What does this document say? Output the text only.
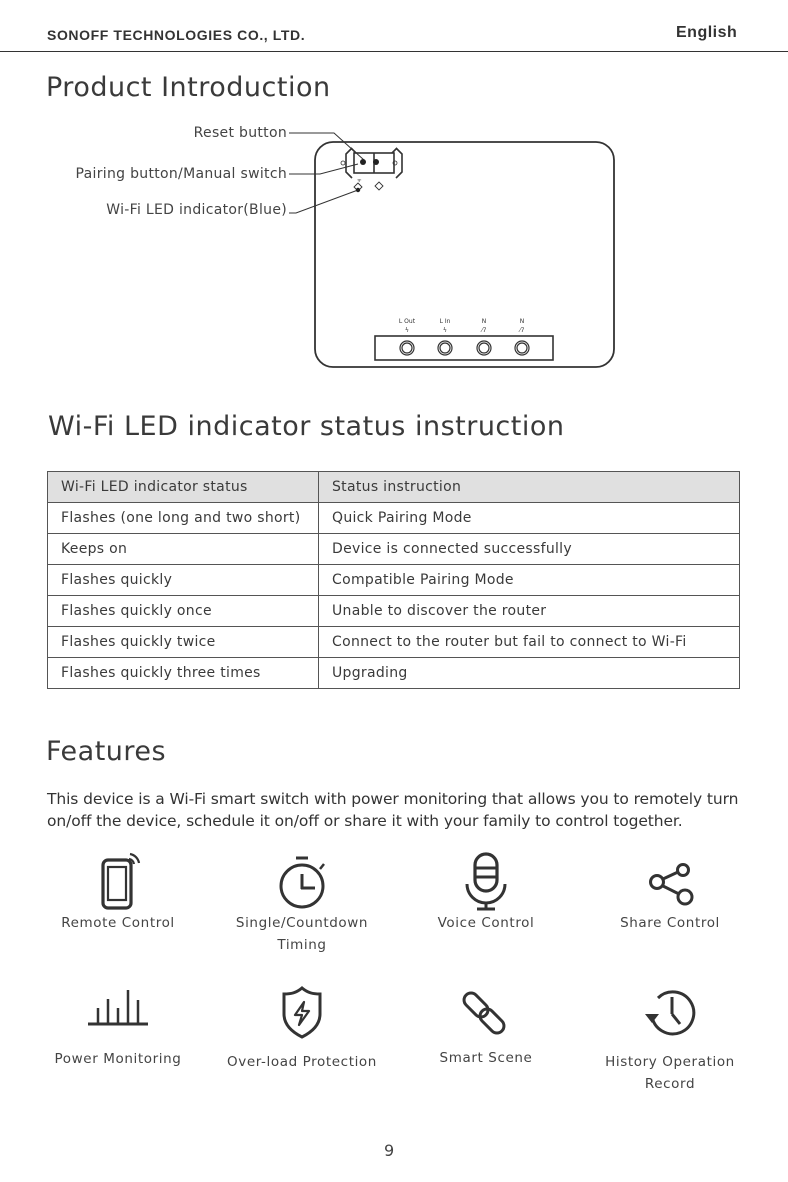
SONOFF TECHNOLOGIES CO., LTD.	English
Product Introduction
Reset button
Pairing button/Manual switch
Wi-Fi LED indicator(Blue)
ᯤ
L Out	L In	N	N
ϟ	ϟ	⁄7	⁄7
Wi-Fi LED indicator status instruction
Wi-Fi LED indicator status	Status instruction
Flashes (one long and two short)	Quick Pairing Mode
Keeps on	Device is connected successfully
Flashes quickly	Compatible Pairing Mode
Flashes quickly once	Unable to discover the router
Flashes quickly twice	Connect to the router but fail to connect to Wi-Fi
Flashes quickly three times	Upgrading
Features
This device is a Wi-Fi smart switch with power monitoring that allows you to remotely turn on/off the device, schedule it on/off or share it with your family to control together.
Remote Control	Single/Countdown Timing
Voice Control	Share Control
Power Monitoring	Over-load Protection	Smart Scene	History Operation Record
9
